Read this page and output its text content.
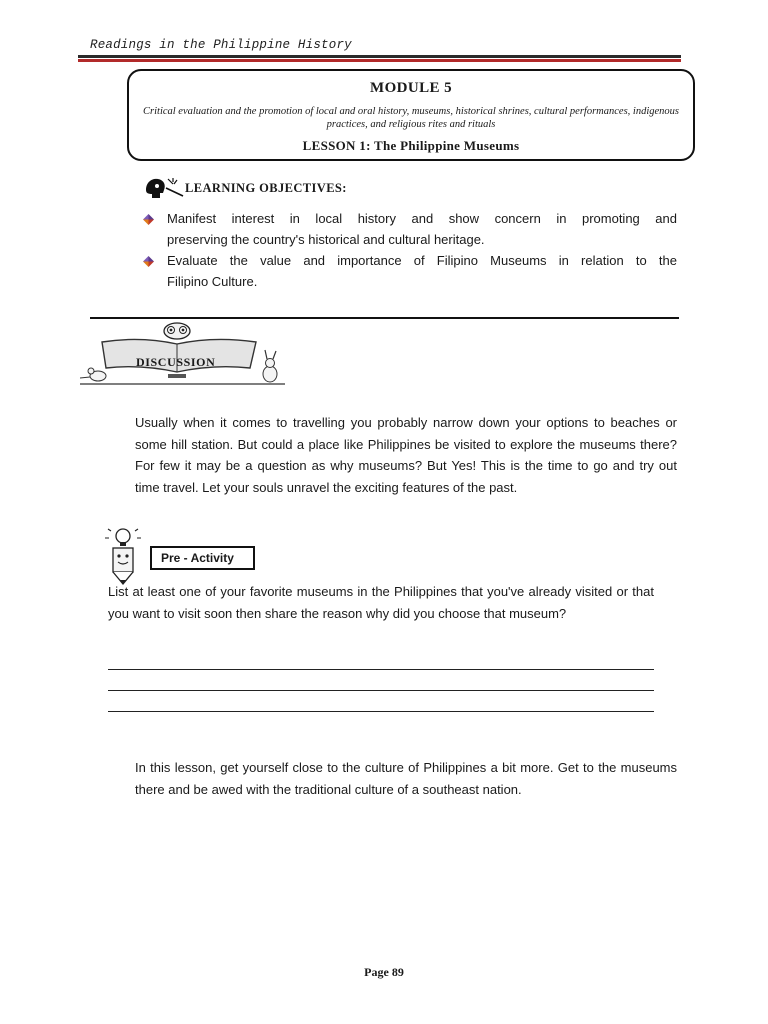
Readings in the Philippine History
MODULE 5
Critical evaluation and the promotion of local and oral history, museums, historical shrines, cultural performances, indigenous practices, and religious rites and rituals
LESSON 1: The Philippine Museums
LEARNING OBJECTIVES:
Manifest interest in local history and show concern in promoting and
preserving the country's historical and cultural heritage.
Evaluate the value and importance of Filipino Museums in relation to the
Filipino Culture.
DISCUSSION
Usually when it comes to travelling you probably narrow down your options to beaches or some hill station. But could a place like Philippines be visited to explore the museums there? For few it may be a question as why museums? But Yes! This is the time to go and try out time travel. Let your souls unravel the exciting features of the past.
Pre - Activity
List at least one of your favorite museums in the Philippines that you've already visited or that you want to visit soon then share the reason why did you choose that museum?
In this lesson, get yourself close to the culture of Philippines a bit more. Get to the museums there and be awed with the traditional culture of a southeast nation.
Page 89
